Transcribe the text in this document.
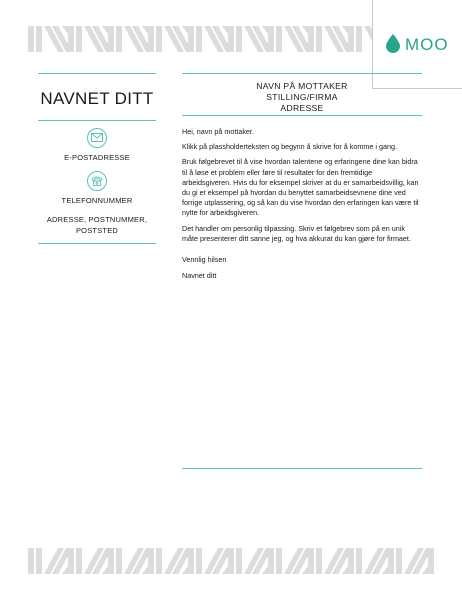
MOO
NAVNET DITT
E-POSTADRESSE
TELEFONNUMMER
ADRESSE, POSTNUMMER, POSTSTED
NAVN PÅ MOTTAKER
STILLING/FIRMA
ADRESSE

Hei, navn på mottaker.

Klikk på plassholderteksten og begynn å skrive for å komme i gang.

Bruk følgebrevet til å vise hvordan talentene og erfaringene dine kan bidra til å løse et problem eller føre til resultater for den fremtidige arbeidsgiveren. Hvis du for eksempel skriver at du er samarbeidsvillig, kan du gi et eksempel på hvordan du benyttet samarbeidsevnene dine ved forrige utplassering, og så kan du vise hvordan den erfaringen kan være til nytte for arbeidsgiveren.

Det handler om personlig tilpassing. Skriv et følgebrev som på en unik måte presenterer ditt sanne jeg, og hva akkurat du kan gjøre for firmaet.

Vennlig hilsen

Navnet ditt
